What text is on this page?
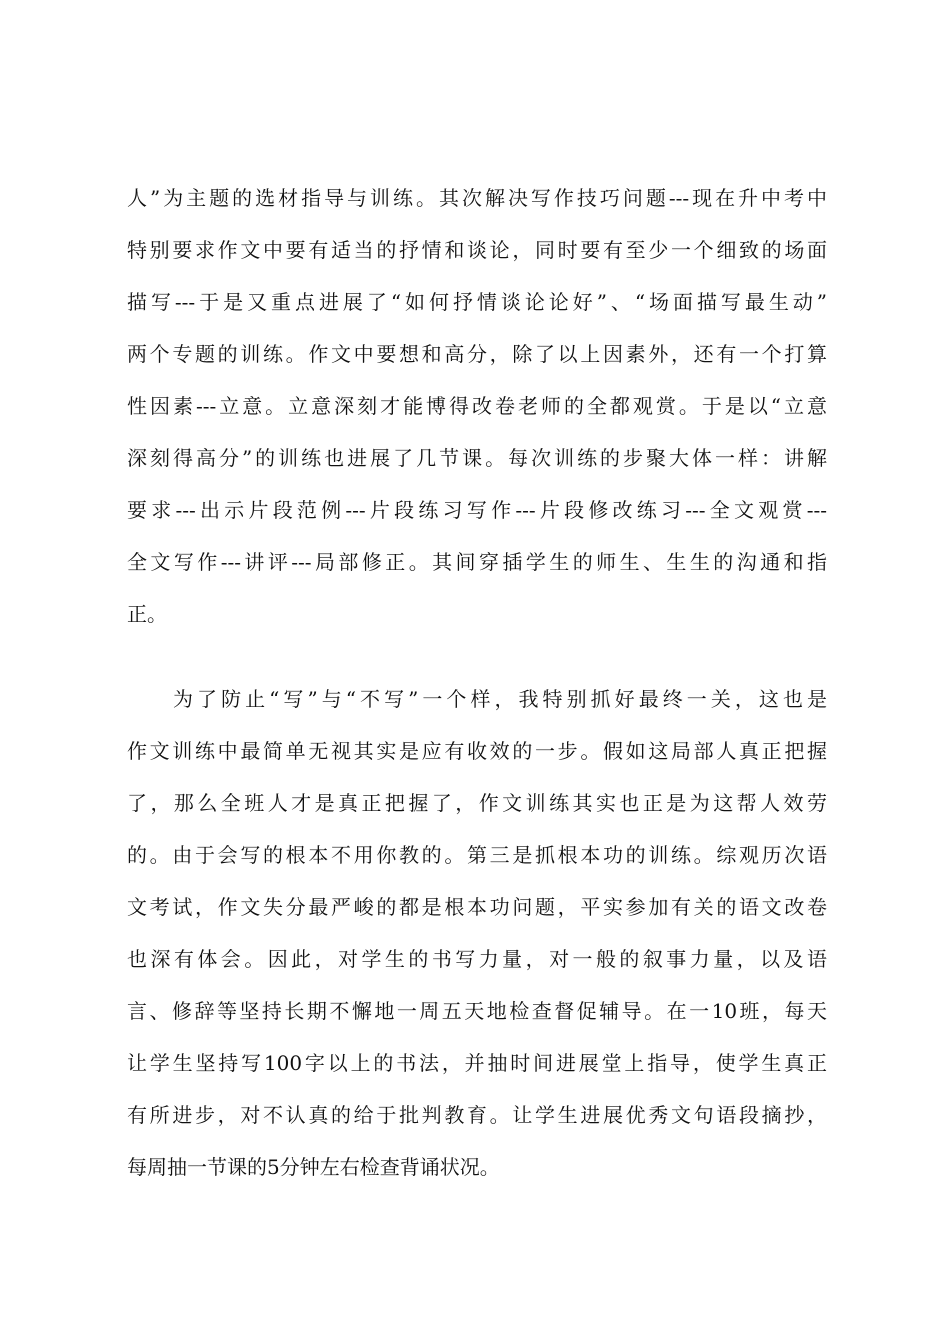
人”为主题的选材指导与训练。其次解决写作技巧问题---现在升中考中
特别要求作文中要有适当的抒情和谈论，同时要有至少一个细致的场面
描写---于是又重点进展了“如何抒情谈论论好”、“场面描写最生动”
两个专题的训练。作文中要想和高分，除了以上因素外，还有一个打算
性因素---立意。立意深刻才能博得改卷老师的全都观赏。于是以“立意
深刻得高分”的训练也进展了几节课。每次训练的步聚大体一样：讲解
要求---出示片段范例---片段练习写作---片段修改练习---全文观赏---
全文写作---讲评---局部修正。其间穿插学生的师生、生生的沟通和指
正。
为了防止“写”与“不写”一个样，我特别抓好最终一关，这也是
作文训练中最简单无视其实是应有收效的一步。假如这局部人真正把握
了，那么全班人才是真正把握了，作文训练其实也正是为这帮人效劳
的。由于会写的根本不用你教的。第三是抓根本功的训练。综观历次语
文考试，作文失分最严峻的都是根本功问题，平实参加有关的语文改卷
也深有体会。因此，对学生的书写力量，对一般的叙事力量，以及语
言、修辞等坚持长期不懈地一周五天地检查督促辅导。在一10班，每天
让学生坚持写100字以上的书法，并抽时间进展堂上指导，使学生真正
有所进步，对不认真的给于批判教育。让学生进展优秀文句语段摘抄，
每周抽一节课的5分钟左右检查背诵状况。
